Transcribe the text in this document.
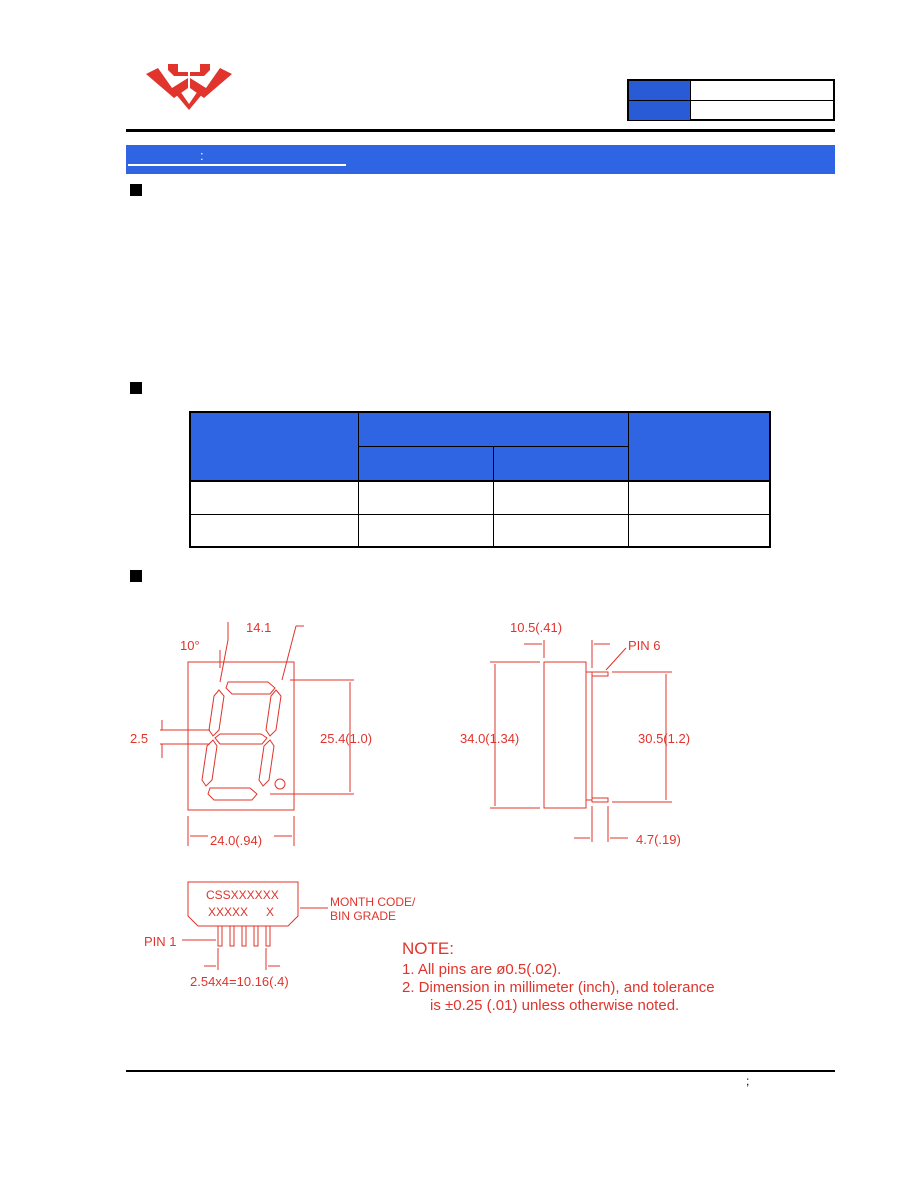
:
10°
14.1
25.4(1.0)
2.5
24.0(.94)
10.5(.41)
PIN 6
34.0(1.34)	30.5(1.2)
4.7(.19)
CSSXXXXXX
XXXXX X
MONTH CODE/
BIN GRADE
PIN 1
2.54x4=10.16(.4)
NOTE:
1. All pins are ø0.5(.02).
2. Dimension in millimeter (inch), and tolerance
is ±0.25 (.01) unless otherwise noted.
;
